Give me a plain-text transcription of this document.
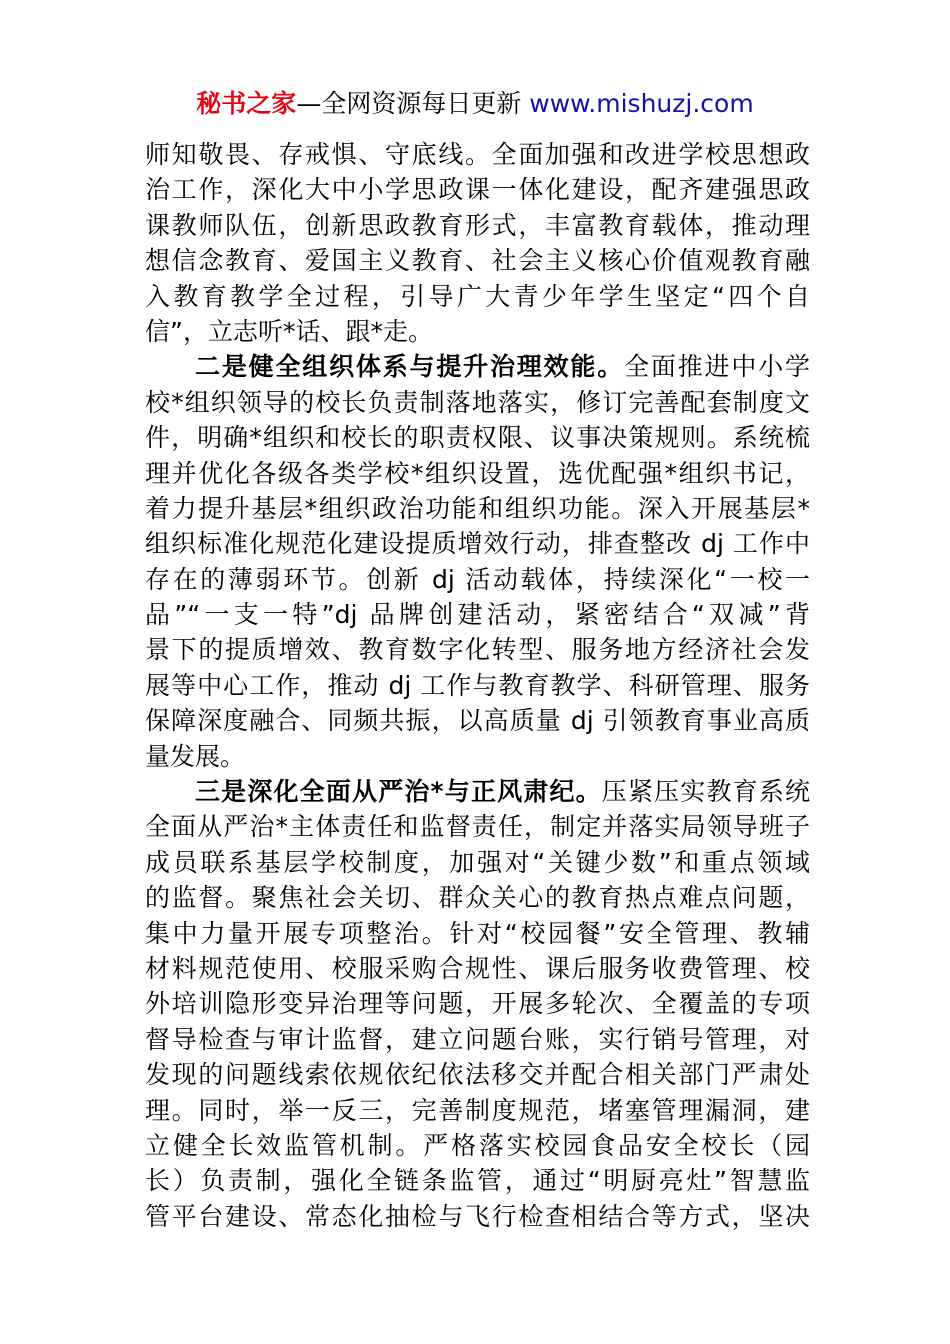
秘书之家—全网资源每日更新 www.mishuzj.com
师知敬畏、存戒惧、守底线。全面加强和改进学校思想政
治工作，深化大中小学思政课一体化建设，配齐建强思政
课教师队伍，创新思政教育形式，丰富教育载体，推动理
想信念教育、爱国主义教育、社会主义核心价值观教育融
入教育教学全过程，引导广大青少年学生坚定“四个自
信”，立志听*话、跟*走。
二是健全组织体系与提升治理效能。全面推进中小学
校*组织领导的校长负责制落地落实，修订完善配套制度文
件，明确*组织和校长的职责权限、议事决策规则。系统梳
理并优化各级各类学校*组织设置，选优配强*组织书记，
着力提升基层*组织政治功能和组织功能。深入开展基层*
组织标准化规范化建设提质增效行动，排查整改 dj 工作中
存在的薄弱环节。创新 dj 活动载体，持续深化“一校一
品”“一支一特”dj 品牌创建活动，紧密结合“双减”背
景下的提质增效、教育数字化转型、服务地方经济社会发
展等中心工作，推动 dj 工作与教育教学、科研管理、服务
保障深度融合、同频共振，以高质量 dj 引领教育事业高质
量发展。
三是深化全面从严治*与正风肃纪。压紧压实教育系统
全面从严治*主体责任和监督责任，制定并落实局领导班子
成员联系基层学校制度，加强对“关键少数”和重点领域
的监督。聚焦社会关切、群众关心的教育热点难点问题，
集中力量开展专项整治。针对“校园餐”安全管理、教辅
材料规范使用、校服采购合规性、课后服务收费管理、校
外培训隐形变异治理等问题，开展多轮次、全覆盖的专项
督导检查与审计监督，建立问题台账，实行销号管理，对
发现的问题线索依规依纪依法移交并配合相关部门严肃处
理。同时，举一反三，完善制度规范，堵塞管理漏洞，建
立健全长效监管机制。严格落实校园食品安全校长（园
长）负责制，强化全链条监管，通过“明厨亮灶”智慧监
管平台建设、常态化抽检与飞行检查相结合等方式，坚决
